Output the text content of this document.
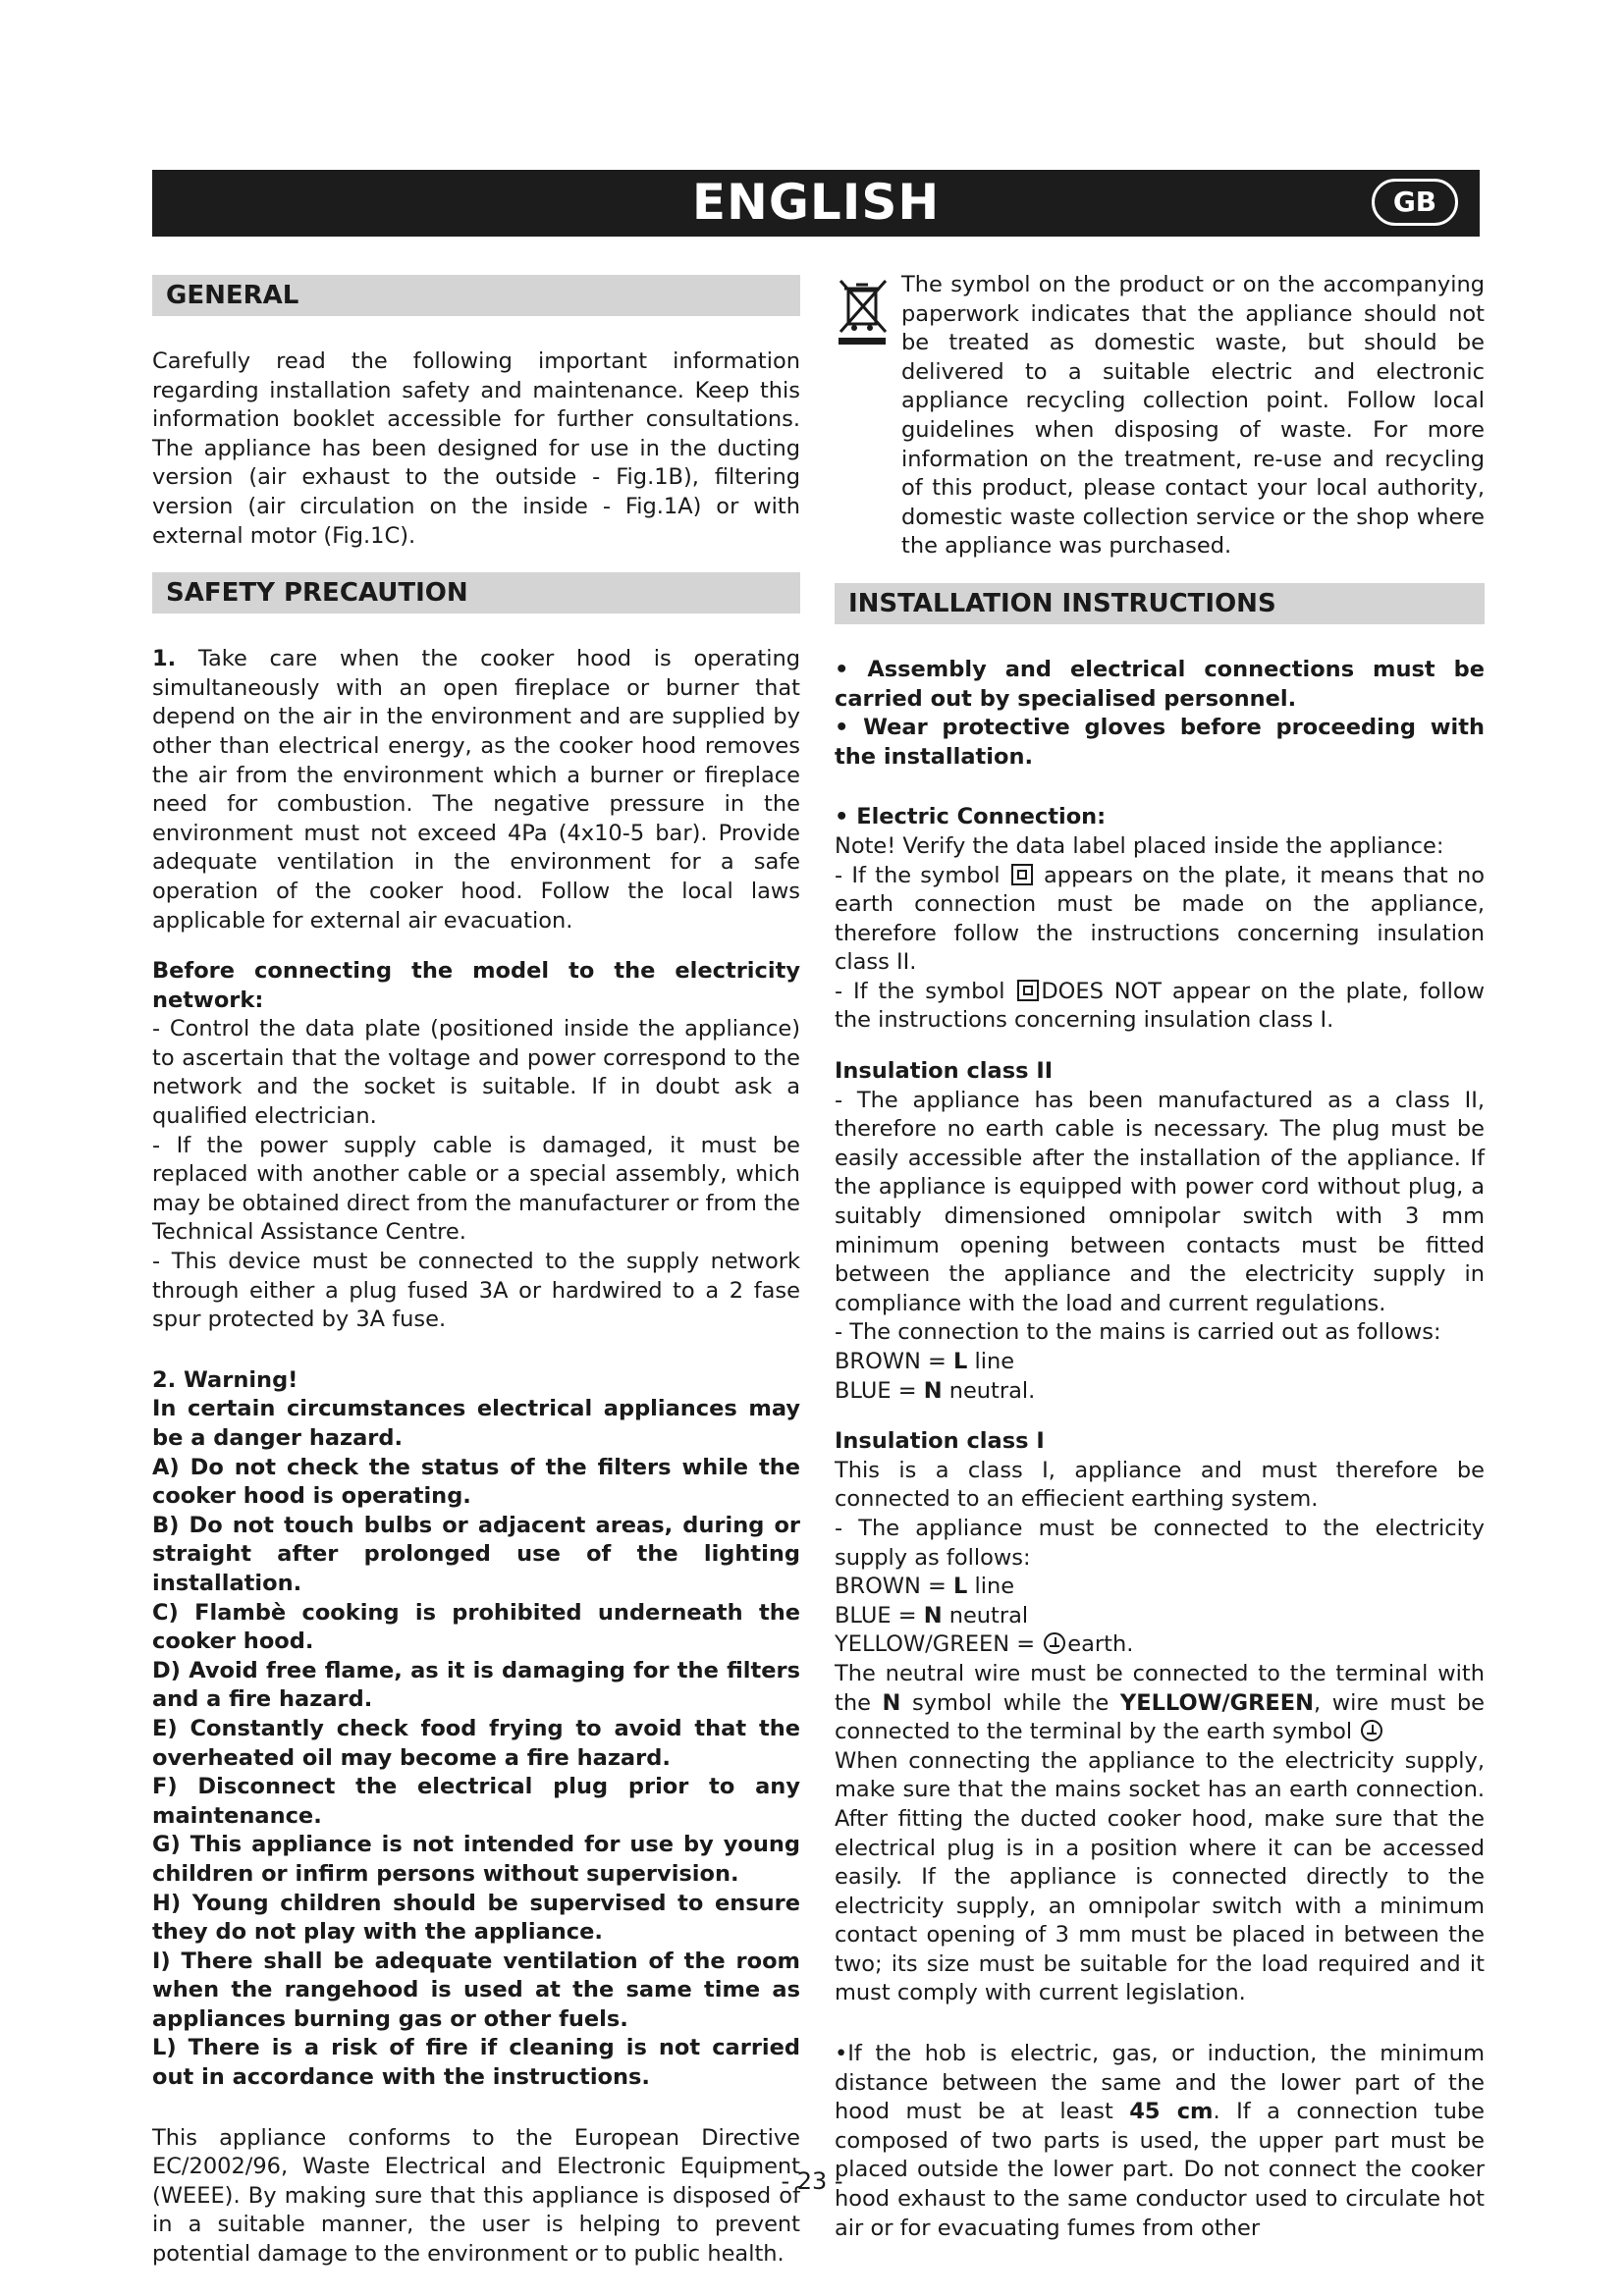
ENGLISH	GB
GENERAL

Carefully read the following important information regarding installation safety and maintenance. Keep this information booklet accessible for further consultations. The appliance has been designed for use in the ducting version (air exhaust to the outside - Fig.1B), filtering version (air circulation on the inside - Fig.1A) or with external motor (Fig.1C).

SAFETY PRECAUTION

1. Take care when the cooker hood is operating simultaneously with an open fireplace or burner that depend on the air in the environment and are supplied by other than electrical energy, as the cooker hood removes the air from the environment which a burner or fireplace need for combustion. The negative pressure in the environment must not exceed 4Pa (4x10-5 bar). Provide adequate ventilation in the environment for a safe operation of the cooker hood. Follow the local laws applicable for external air evacuation.

Before connecting the model to the electricity network:

- Control the data plate (positioned inside the appliance) to ascertain that the voltage and power correspond to the network and the socket is suitable. If in doubt ask a qualified electrician.

- If the power supply cable is damaged, it must be replaced with another cable or a special assembly, which may be obtained direct from the manufacturer or from the Technical Assistance Centre.

- This device must be connected to the supply network through either a plug fused 3A or hardwired to a 2 fase spur protected by 3A fuse.

2. Warning!

In certain circumstances electrical appliances may be a danger hazard.

A) Do not check the status of the filters while the cooker hood is operating.

B) Do not touch bulbs or adjacent areas, during or straight after prolonged use of the lighting installation.

C) Flambè cooking is prohibited underneath the cooker hood.

D) Avoid free flame, as it is damaging for the filters and a fire hazard.

E) Constantly check food frying to avoid that the overheated oil may become a fire hazard.

F) Disconnect the electrical plug prior to any maintenance.

G) This appliance is not intended for use by young children or infirm persons without supervision.

H) Young children should be supervised to ensure they do not play with the appliance.

I) There shall be adequate ventilation of the room when the rangehood is used at the same time as appliances burning gas or other fuels.

L) There is a risk of fire if cleaning is not carried out in accordance with the instructions.

This appliance conforms to the European Directive EC/2002/96, Waste Electrical and Electronic Equipment (WEEE). By making sure that this appliance is disposed of in a suitable manner, the user is helping to prevent potential damage to the environment or to public health.

The symbol on the product or on the accompanying paperwork indicates that the appliance should not be treated as domestic waste, but should be delivered to a suitable electric and electronic appliance recycling collection point. Follow local guidelines when disposing of waste. For more information on the treatment, re-use and recycling of this product, please contact your local authority, domestic waste collection service or the shop where the appliance was purchased.

INSTALLATION INSTRUCTIONS

• Assembly and electrical connections must be carried out by specialised personnel.

• Wear protective gloves before proceeding with the installation.

• Electric Connection:

Note! Verify the data label placed inside the appliance:

- If the symbol appears on the plate, it means that no earth connection must be made on the appliance, therefore follow the instructions concerning insulation class II.

- If the symbol DOES NOT appear on the plate, follow the instructions concerning insulation class I.

Insulation class II

- The appliance has been manufactured as a class II, therefore no earth cable is necessary. The plug must be easily accessible after the installation of the appliance. If the appliance is equipped with power cord without plug, a suitably dimensioned omnipolar switch with 3 mm minimum opening between contacts must be fitted between the appliance and the electricity supply in compliance with the load and current regulations.

- The connection to the mains is carried out as follows:

BROWN = L line

BLUE = N neutral.

Insulation class I

This is a class I, appliance and must therefore be connected to an effiecient earthing system.

- The appliance must be connected to the electricity supply as follows:

BROWN = L line

BLUE = N neutral

YELLOW/GREEN = earth.

The neutral wire must be connected to the terminal with the N symbol while the YELLOW/GREEN, wire must be connected to the terminal by the earth symbol

When connecting the appliance to the electricity supply, make sure that the mains socket has an earth connection. After fitting the ducted cooker hood, make sure that the electrical plug is in a position where it can be accessed easily. If the appliance is connected directly to the electricity supply, an omnipolar switch with a minimum contact opening of 3 mm must be placed in between the two; its size must be suitable for the load required and it must comply with current legislation.

•If the hob is electric, gas, or induction, the minimum distance between the same and the lower part of the hood must be at least 45 cm. If a connection tube composed of two parts is used, the upper part must be placed outside the lower part. Do not connect the cooker hood exhaust to the same conductor used to circulate hot air or for evacuating fumes from other

- 23 -
